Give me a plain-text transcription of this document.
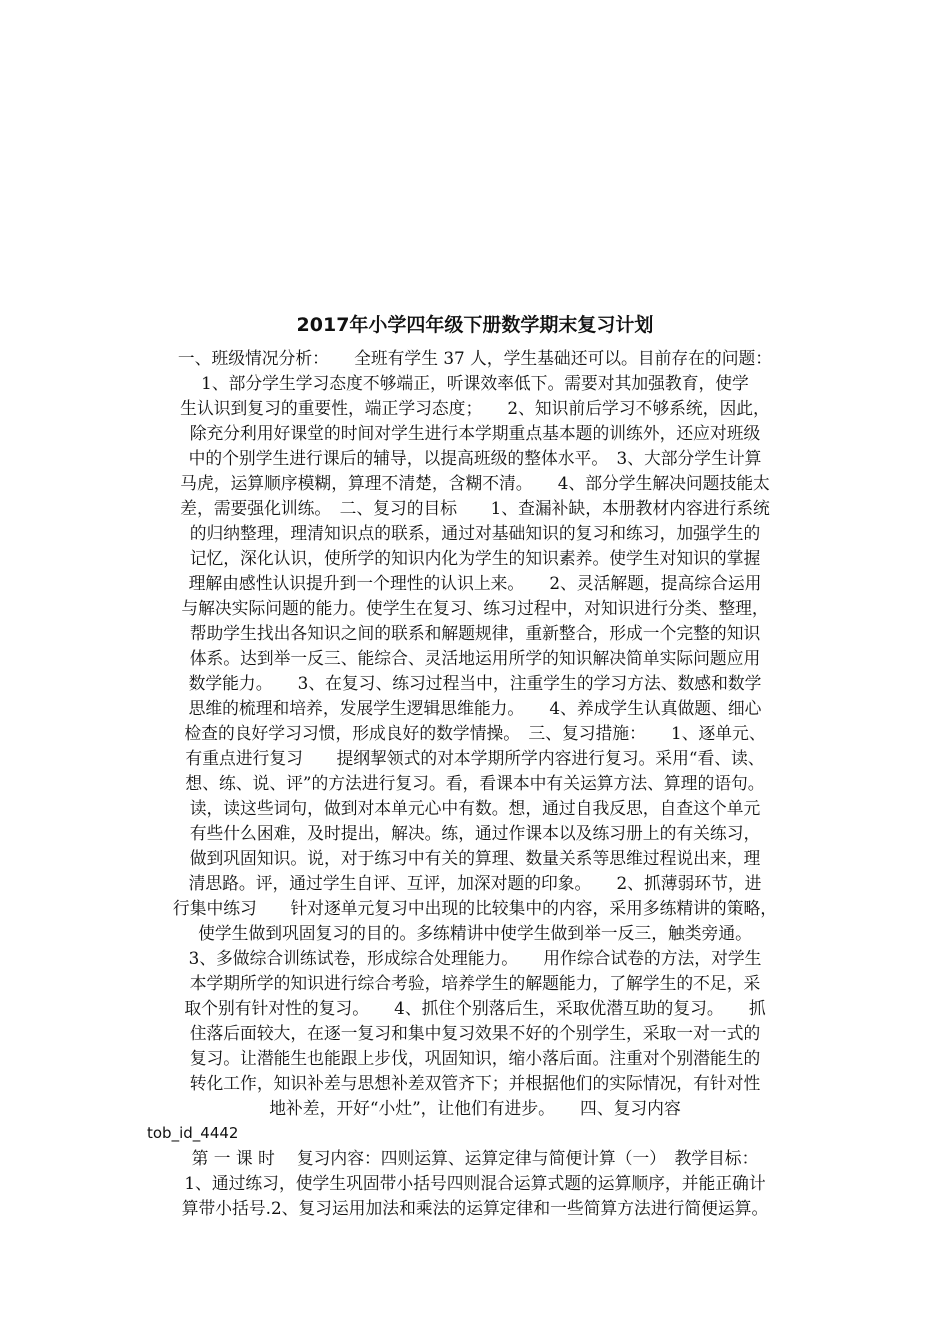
2017年小学四年级下册数学期末复习计划
一、班级情况分析：　　全班有学生 37 人，学生基础还可以。目前存在的问题：
1、部分学生学习态度不够端正，听课效率低下。需要对其加强教育，使学
生认识到复习的重要性，端正学习态度；　　2、知识前后学习不够系统，因此，
除充分利用好课堂的时间对学生进行本学期重点基本题的训练外，还应对班级
中的个别学生进行课后的辅导，以提高班级的整体水平。　3、大部分学生计算
马虎，运算顺序模糊，算理不清楚，含糊不清。　　4、部分学生解决问题技能太
差，需要强化训练。　二、复习的目标　　1、查漏补缺，本册教材内容进行系统
的归纳整理，理清知识点的联系，通过对基础知识的复习和练习，加强学生的
记忆，深化认识，使所学的知识内化为学生的知识素养。使学生对知识的掌握
理解由感性认识提升到一个理性的认识上来。　　2、灵活解题，提高综合运用
与解决实际问题的能力。使学生在复习、练习过程中，对知识进行分类、整理，
帮助学生找出各知识之间的联系和解题规律，重新整合，形成一个完整的知识
体系。达到举一反三、能综合、灵活地运用所学的知识解决简单实际问题应用
数学能力。　　3、在复习、练习过程当中，注重学生的学习方法、数感和数学
思维的梳理和培养，发展学生逻辑思维能力。　　4、养成学生认真做题、细心
检查的良好学习习惯，形成良好的数学情操。　三、复习措施：　　1、逐单元、
有重点进行复习　　提纲挈领式的对本学期所学内容进行复习。采用“看、读、
想、练、说、评”的方法进行复习。看，看课本中有关运算方法、算理的语句。
读，读这些词句，做到对本单元心中有数。想，通过自我反思，自查这个单元
有些什么困难，及时提出，解决。练，通过作课本以及练习册上的有关练习，
做到巩固知识。说，对于练习中有关的算理、数量关系等思维过程说出来，理
清思路。评，通过学生自评、互评，加深对题的印象。　　2、抓薄弱环节，进
行集中练习　　针对逐单元复习中出现的比较集中的内容，采用多练精讲的策略，
使学生做到巩固复习的目的。多练精讲中使学生做到举一反三，触类旁通。
3、多做综合训练试卷，形成综合处理能力。　　用作综合试卷的方法，对学生
本学期所学的知识进行综合考验，培养学生的解题能力，了解学生的不足，采
取个别有针对性的复习。　　4、抓住个别落后生，采取优潜互助的复习。　　抓
住落后面较大，在逐一复习和集中复习效果不好的个别学生，采取一对一式的
复习。让潜能生也能跟上步伐，巩固知识，缩小落后面。注重对个别潜能生的
转化工作，知识补差与思想补差双管齐下；并根据他们的实际情况，有针对性
地补差，开好“小灶”，让他们有进步。　　四、复习内容
tob_id_4442
第 一 课 时　 复习内容：四则运算、运算定律与简便计算（一）　教学目标：
1、通过练习，使学生巩固带小括号四则混合运算式题的运算顺序，并能正确计
算带小括号.2、复习运用加法和乘法的运算定律和一些简算方法进行简便运算。
